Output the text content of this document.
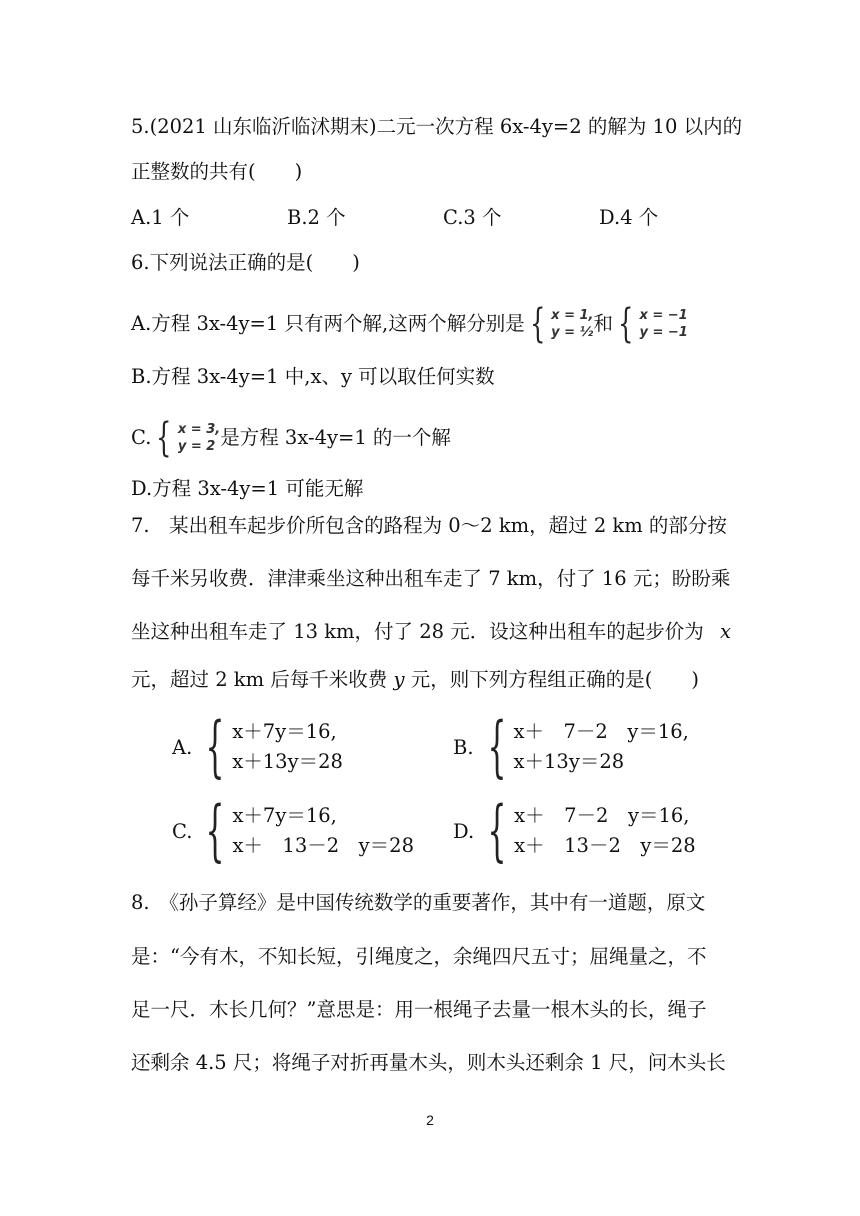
5.(2021 山东临沂临沭期末)二元一次方程 6x-4y=2 的解为 10 以内的
正整数的共有(　　)
A.1 个	B.2 个	C.3 个	D.4 个
6.下列说法正确的是(　　)
A.方程 3x-4y=1 只有两个解,这两个解分别是 { x = 1,
y = ½ 和 { x = −1
y = −1
B.方程 3x-4y=1 中,x、y 可以取任何实数
C. { x = 3,
y = 2 是方程 3x-4y=1 的一个解
D.方程 3x-4y=1 可能无解
7.　某出租车起步价所包含的路程为 0～2 km，超过 2 km 的部分按
每千米另收费．津津乘坐这种出租车走了 7 km，付了 16 元；盼盼乘
坐这种出租车走了 13 km，付了 28 元．设这种出租车的起步价为 x
元，超过 2 km 后每千米收费 y 元，则下列方程组正确的是(　　)
A. { x＋7y＝16,
x＋13y＝28
B. { x＋　7－2　y＝16,
x＋13y＝28
C. { x＋7y＝16,
x＋　13－2　y＝28
D. { x＋　7－2　y＝16,
x＋　13－2　y＝28
8.　《孙子算经》是中国传统数学的重要著作，其中有一道题，原文
是：“今有木，不知长短，引绳度之，余绳四尺五寸；屈绳量之，不
足一尺．木长几何？”意思是：用一根绳子去量一根木头的长，绳子
还剩余 4.5 尺；将绳子对折再量木头，则木头还剩余 1 尺，问木头长
2
